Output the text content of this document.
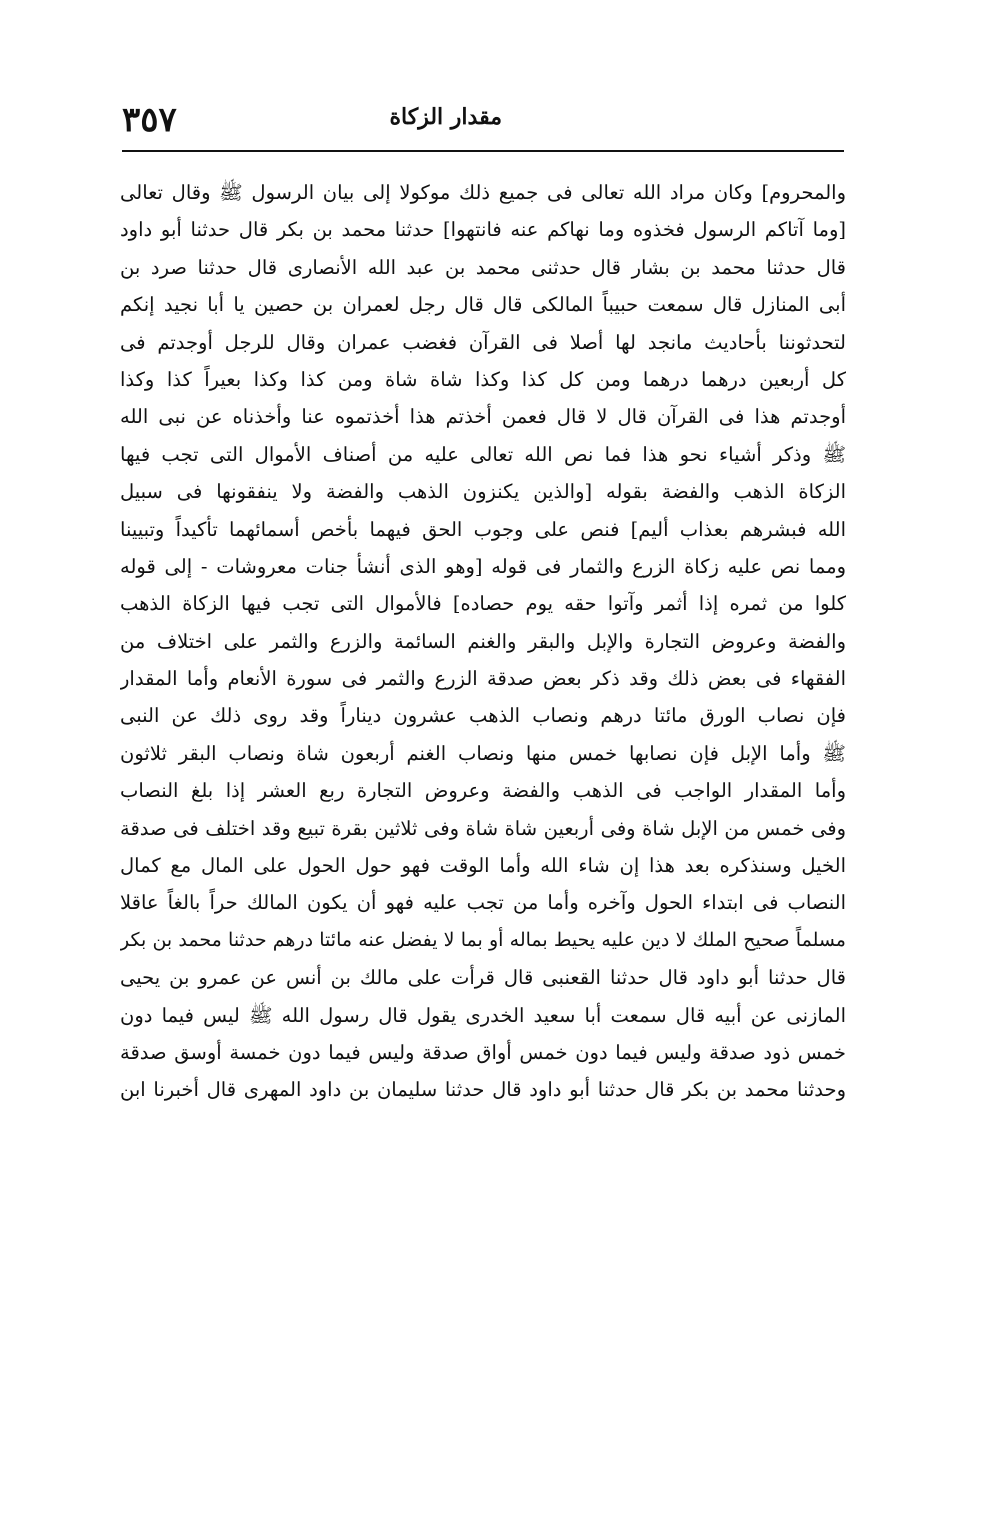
مقدار الزكاة
٣٥٧
والمحروم] وكان مراد الله تعالى فى جميع ذلك موكولا إلى بيان الرسول ﷺ وقال تعالى
[وما آتاكم الرسول فخذوه وما نهاكم عنه فانتهوا] حدثنا محمد بن بكر قال حدثنا أبو داود
قال حدثنا محمد بن بشار قال حدثنى محمد بن عبد الله الأنصارى قال حدثنا صرد بن
أبى المنازل قال سمعت حبيباً المالكى قال قال رجل لعمران بن حصين يا أبا نجيد إنكم
لتحدثوننا بأحاديث مانجد لها أصلا فى القرآن فغضب عمران وقال للرجل أوجدتم فى
كل أربعين درهما درهما ومن كل كذا وكذا شاة شاة ومن كذا وكذا بعيراً كذا وكذا
أوجدتم هذا فى القرآن قال لا قال فعمن أخذتم هذا أخذتموه عنا وأخذناه عن نبى الله
ﷺ وذكر أشياء نحو هذا فما نص الله تعالى عليه من أصناف الأموال التى تجب فيها
الزكاة الذهب والفضة بقوله [والذين يكنزون الذهب والفضة ولا ينفقونها فى سبيل
الله فبشرهم بعذاب أليم] فنص على وجوب الحق فيهما بأخص أسمائهما تأكيداً وتبيينا
ومما نص عليه زكاة الزرع والثمار فى قوله [وهو الذى أنشأ جنات معروشات - إلى قوله
كلوا من ثمره إذا أثمر وآتوا حقه يوم حصاده] فالأموال التى تجب فيها الزكاة الذهب
والفضة وعروض التجارة والإبل والبقر والغنم السائمة والزرع والثمر على اختلاف من
الفقهاء فى بعض ذلك وقد ذكر بعض صدقة الزرع والثمر فى سورة الأنعام وأما المقدار
فإن نصاب الورق مائتا درهم ونصاب الذهب عشرون ديناراً وقد روى ذلك عن النبى
ﷺ وأما الإبل فإن نصابها خمس منها ونصاب الغنم أربعون شاة ونصاب البقر ثلاثون
وأما المقدار الواجب فى الذهب والفضة وعروض التجارة ربع العشر إذا بلغ النصاب
وفى خمس من الإبل شاة وفى أربعين شاة شاة وفى ثلاثين بقرة تبيع وقد اختلف فى صدقة
الخيل وسنذكره بعد هذا إن شاء الله وأما الوقت فهو حول الحول على المال مع كمال
النصاب فى ابتداء الحول وآخره وأما من تجب عليه فهو أن يكون المالك حراً بالغاً عاقلا
مسلماً صحيح الملك لا دين عليه يحيط بماله أو بما لا يفضل عنه مائتا درهم حدثنا محمد بن بكر
قال حدثنا أبو داود قال حدثنا القعنبى قال قرأت على مالك بن أنس عن عمرو بن يحيى
المازنى عن أبيه قال سمعت أبا سعيد الخدرى يقول قال رسول الله ﷺ ليس فيما دون
خمس ذود صدقة وليس فيما دون خمس أواق صدقة وليس فيما دون خمسة أوسق صدقة
وحدثنا محمد بن بكر قال حدثنا أبو داود قال حدثنا سليمان بن داود المهرى قال أخبرنا ابن
